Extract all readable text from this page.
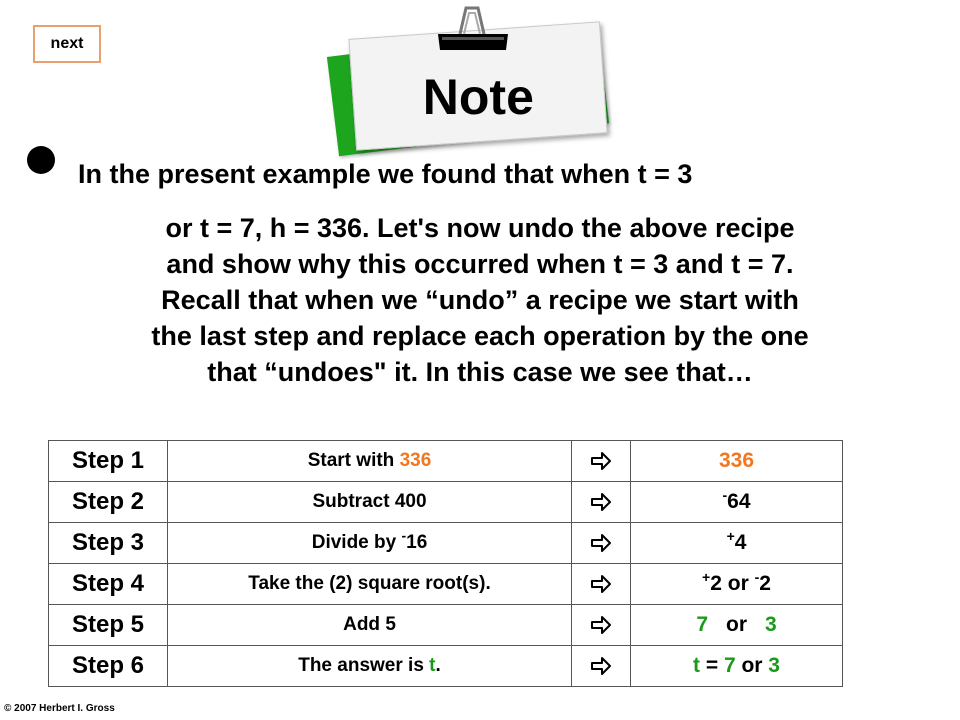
next
Note
In the present example we found that when t = 3
or t = 7, h = 336. Let's now undo the above recipe
and show why this occurred when t = 3 and t = 7.
Recall that when we “undo” a recipe we start with
the last step and replace each operation by the one
that “undoes" it. In this case we see that…
Step 1	Start with 336		336
Step 2	Subtract 400		-64
Step 3	Divide by -16		+4
Step 4	Take the (2) square root(s).		+2 or -2
Step 5	Add 5		7 or 3
Step 6	The answer is t.		t = 7 or 3
© 2007 Herbert I. Gross
